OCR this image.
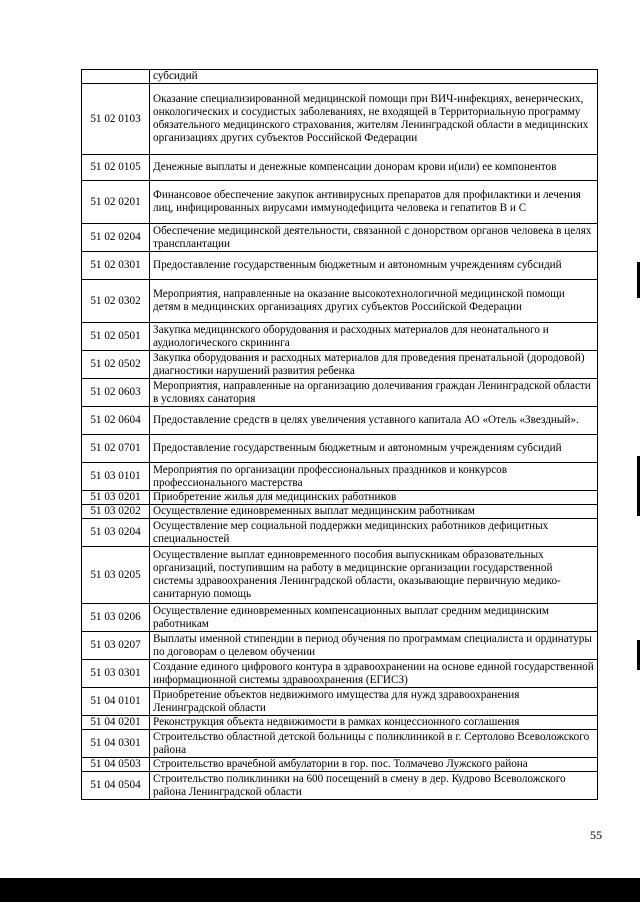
	субсидий
51 02 0103	Оказание специализированной медицинской помощи при ВИЧ-инфекциях, венерических, онкологических и сосудистых заболеваниях, не входящей в Территориальную программу обязательного медицинского страхования, жителям Ленинградской области в медицинских организациях других субъектов Российской Федерации
51 02 0105	Денежные выплаты и денежные компенсации донорам крови и(или) ее компонентов
51 02 0201	Финансовое обеспечение закупок антивирусных препаратов для профилактики и лечения лиц, инфицированных вирусами иммунодефицита человека и гепатитов В и С
51 02 0204	Обеспечение медицинской деятельности, связанной с донорством органов человека в целях трансплантации
51 02 0301	Предоставление государственным бюджетным и автономным учреждениям субсидий
51 02 0302	Мероприятия, направленные на оказание высокотехнологичной медицинской помощи детям в медицинских организациях других субъектов Российской Федерации
51 02 0501	Закупка медицинского оборудования и расходных материалов для неонатального и аудиологического скрининга
51 02 0502	Закупка оборудования и расходных материалов для проведения пренатальной (дородовой) диагностики нарушений развития ребенка
51 02 0603	Мероприятия, направленные на организацию долечивания граждан Ленинградской области в условиях санатория
51 02 0604	Предоставление средств в целях увеличения уставного капитала АО «Отель «Звездный».
51 02 0701	Предоставление государственным бюджетным и автономным учреждениям субсидий
51 03 0101	Мероприятия по организации профессиональных праздников и конкурсов профессионального мастерства
51 03 0201	Приобретение жилья для медицинских работников
51 03 0202	Осуществление единовременных выплат медицинским работникам
51 03 0204	Осуществление мер социальной поддержки медицинских работников дефицитных специальностей
51 03 0205	Осуществление выплат единовременного пособия выпускникам образовательных организаций, поступившим на работу в медицинские организации государственной системы здравоохранения Ленинградской области, оказывающие первичную медико-санитарную помощь
51 03 0206	Осуществление единовременных компенсационных выплат средним медицинским работникам
51 03 0207	Выплаты именной стипендии в период обучения по программам специалиста и ординатуры по договорам о целевом обучении
51 03 0301	Создание единого цифрового контура в здравоохранении на основе единой государственной информационной системы здравоохранения (ЕГИСЗ)
51 04 0101	Приобретение объектов недвижимого имущества для нужд здравоохранения Ленинградской области
51 04 0201	Реконструкция объекта недвижимости в рамках концессионного соглашения
51 04 0301	Строительство областной детской больницы с поликлиникой в г. Сертолово Всеволожского района
51 04 0503	Строительство врачебной амбулатории в гор. пос. Толмачево Лужского района
51 04 0504	Строительство поликлиники на 600 посещений в смену в дер. Кудрово Всеволожского района Ленинградской области
55
